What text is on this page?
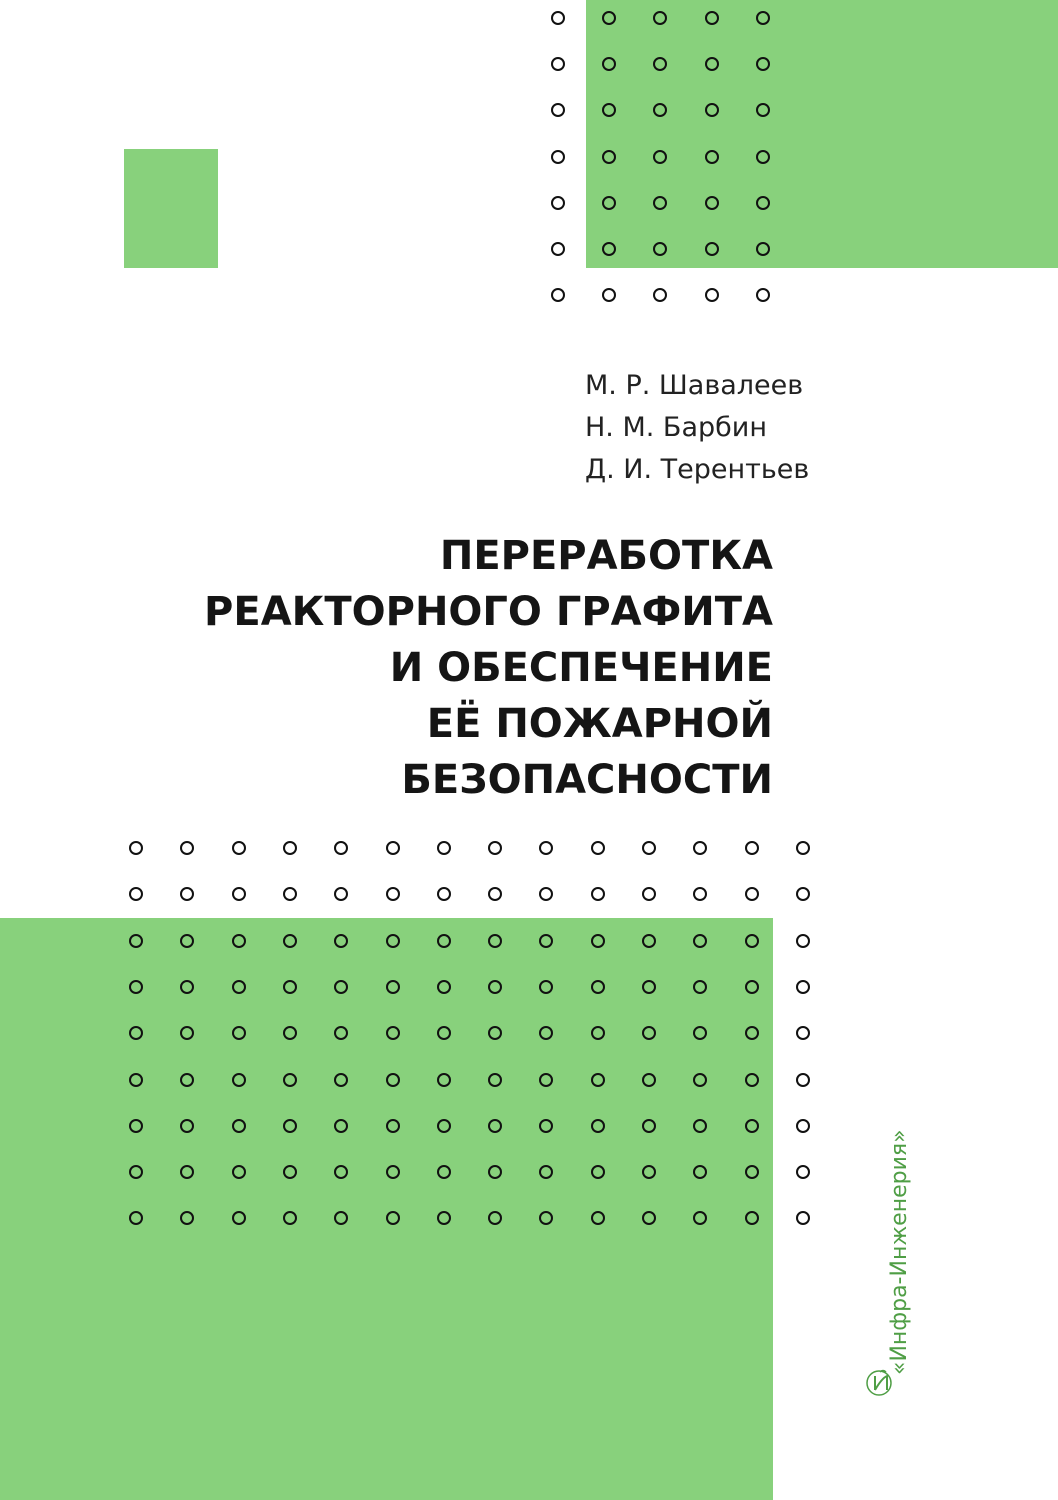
М. Р. Шавалеев
Н. М. Барбин
Д. И. Терентьев
ПЕРЕРАБОТКА
РЕАКТОРНОГО ГРАФИТА
И ОБЕСПЕЧЕНИЕ
ЕЁ ПОЖАРНОЙ
БЕЗОПАСНОСТИ
«Инфра-Инженерия»
